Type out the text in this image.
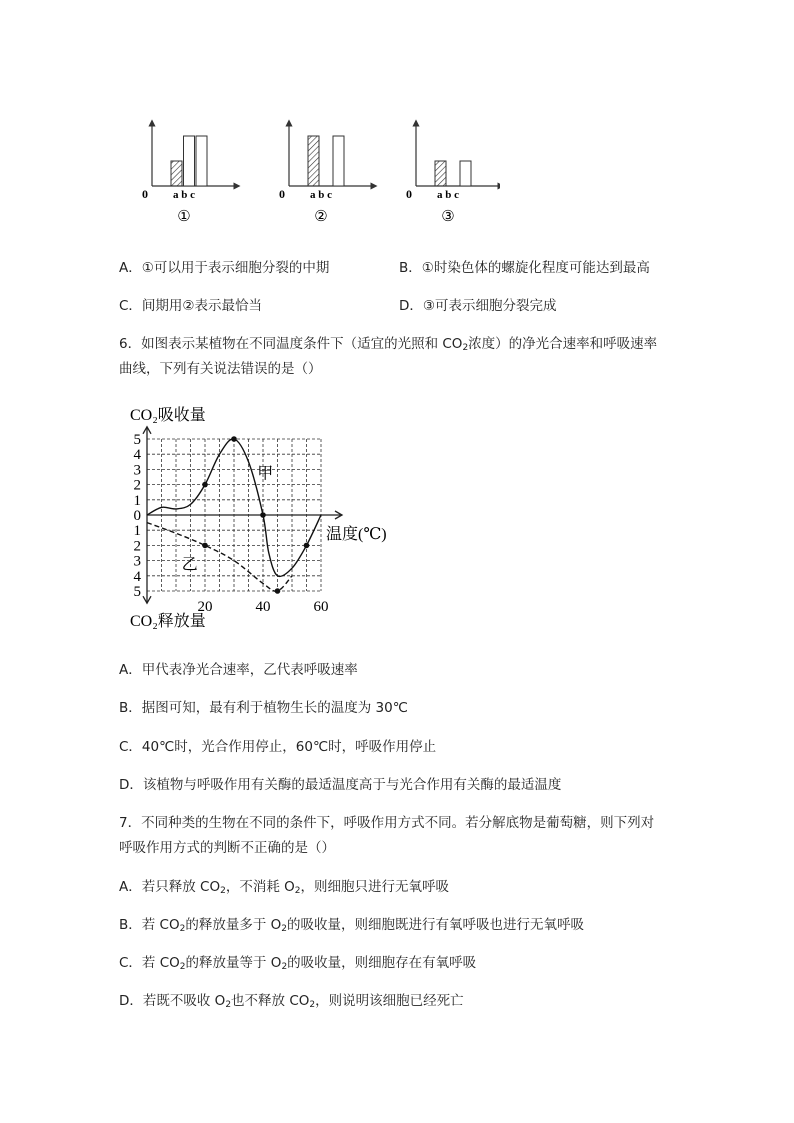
0 a b c
①
0 a b c
②
0 a b c
③
A．①可以用于表示细胞分裂的中期	B．①时染色体的螺旋化程度可能达到最高
C．间期用②表示最恰当	D．③可表示细胞分裂完成
6．如图表示某植物在不同温度条件下（适宜的光照和 $CO_2$浓度）的净光合速率和呼吸速率
曲线，下列有关说法错误的是（）
5
4
3
2
1
0
1
2
3
4
5
20	40	60
CO₂吸收量
CO₂释放量
温度(℃)
甲
乙
A．甲代表净光合速率，乙代表呼吸速率
B．据图可知，最有利于植物生长的温度为 30℃
C．40℃时，光合作用停止，60℃时，呼吸作用停止
D．该植物与呼吸作用有关酶的最适温度高于与光合作用有关酶的最适温度
7．不同种类的生物在不同的条件下，呼吸作用方式不同。若分解底物是葡萄糖，则下列对
呼吸作用方式的判断不正确的是（）
A．若只释放 $CO_2$，不消耗 $O_2$，则细胞只进行无氧呼吸
B．若 $CO_2$的释放量多于 $O_2$的吸收量，则细胞既进行有氧呼吸也进行无氧呼吸
C．若 $CO_2$的释放量等于 $O_2$的吸收量，则细胞存在有氧呼吸
D．若既不吸收 $O_2$也不释放 $CO_2$，则说明该细胞已经死亡
